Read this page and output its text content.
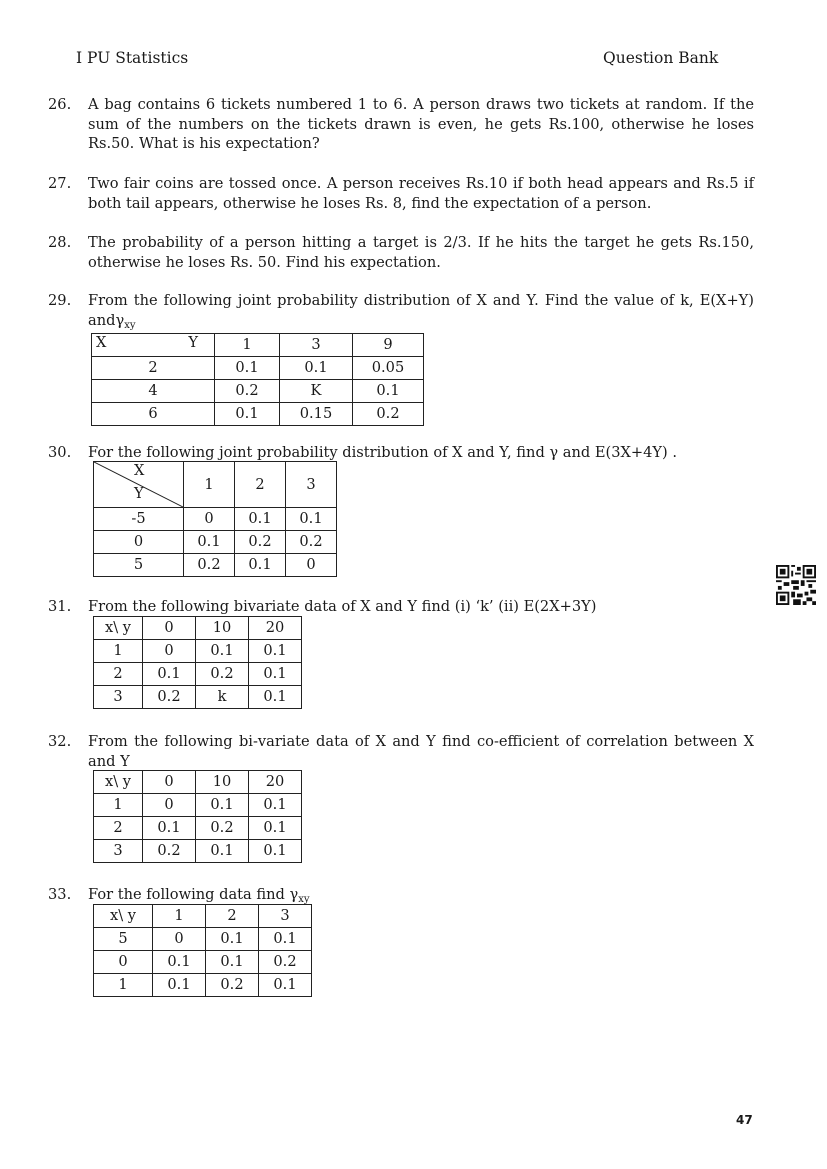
I PU Statistics	Question Bank
26. A bag contains 6 tickets numbered 1 to 6. A person draws two tickets at random. If the sum of the numbers on the tickets drawn is even, he gets Rs.100, otherwise he loses Rs.50. What is his expectation?
27. Two fair coins are tossed once. A person receives Rs.10 if both head appears and Rs.5 if both tail appears, otherwise he loses Rs. 8, find the expectation of a person.
28. The probability of a person hitting a target is 2/3. If he hits the target he gets Rs.150, otherwise he loses Rs. 50. Find his expectation.
29. From the following joint probability distribution of X and Y. Find the value of k, E(X+Y) andγ$_{xy}$
X Y	1	3	9
2	0.1	0.1	0.05
4	0.2	K	0.1
6	0.1	0.15	0.2
30. For the following joint probability distribution of X and Y, find γ and E(3X+4Y) .
X
Y	1	2	3
-5	0	0.1	0.1
0	0.1	0.2	0.2
5	0.2	0.1	0
31. From the following bivariate data of X and Y find (i) ‘k’ (ii) E(2X+3Y)
x\ y	0	10	20
1	0	0.1	0.1
2	0.1	0.2	0.1
3	0.2	k	0.1
32. From the following bi-variate data of X and Y find co-efficient of correlation between X and Y
x\ y	0	10	20
1	0	0.1	0.1
2	0.1	0.2	0.1
3	0.2	0.1	0.1
33. For the following data find $\gamma_{xy}$
x\ y	1	2	3
5	0	0.1	0.1
0	0.1	0.1	0.2
1	0.1	0.2	0.1
47
